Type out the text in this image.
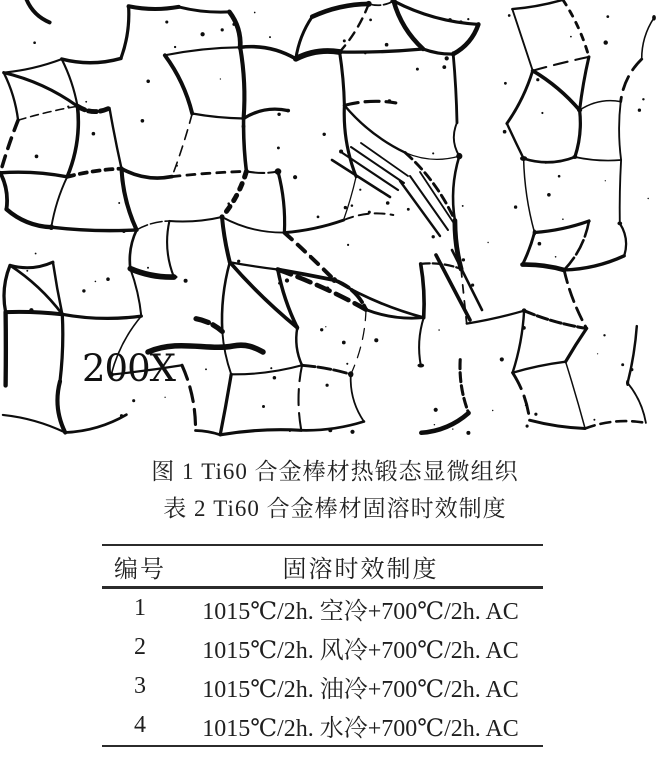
200X
图 1 Ti60 合金棒材热锻态显微组织
表 2 Ti60 合金棒材固溶时效制度
编号	固溶时效制度
1	1015℃/2h. 空冷+700℃/2h. AC
2	1015℃/2h. 风冷+700℃/2h. AC
3	1015℃/2h. 油冷+700℃/2h. AC
4	1015℃/2h. 水冷+700℃/2h. AC
